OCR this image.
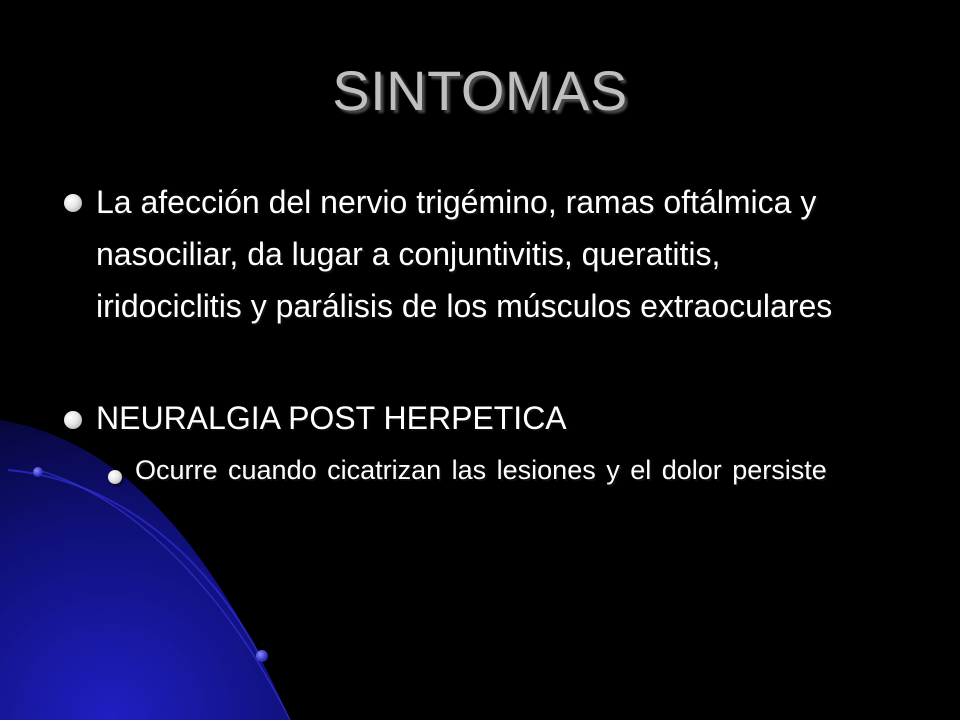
SINTOMAS
La afección del nervio trigémino, ramas oftálmica y nasociliar, da lugar a conjuntivitis, queratitis, iridociclitis y parálisis de los músculos extraoculares
NEURALGIA POST HERPETICA
Ocurre cuando cicatrizan las lesiones y el dolor persiste
